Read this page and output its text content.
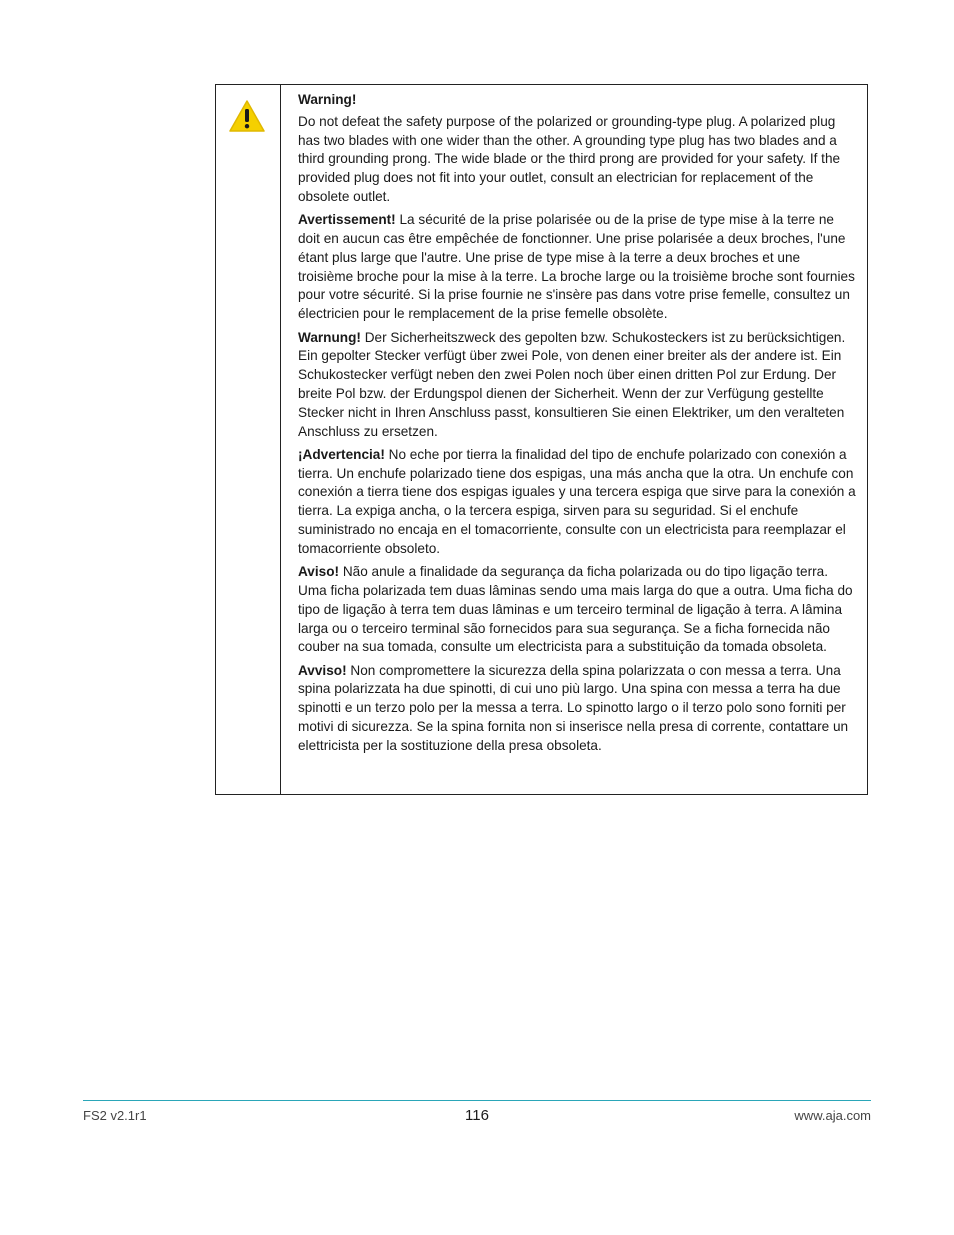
Warning!

Do not defeat the safety purpose of the polarized or grounding-type plug. A polarized plug has two blades with one wider than the other. A grounding type plug has two blades and a third grounding prong. The wide blade or the third prong are provided for your safety. If the provided plug does not fit into your outlet, consult an electrician for replacement of the obsolete outlet.

Avertissement! La sécurité de la prise polarisée ou de la prise de type mise à la terre ne doit en aucun cas être empêchée de fonctionner. Une prise polarisée a deux broches, l'une étant plus large que l'autre. Une prise de type mise à la terre a deux broches et une troisième broche pour la mise à la terre. La broche large ou la troisième broche sont fournies pour votre sécurité. Si la prise fournie ne s'insère pas dans votre prise femelle, consultez un électricien pour le remplacement de la prise femelle obsolète.

Warnung! Der Sicherheitszweck des gepolten bzw. Schukosteckers ist zu berücksichtigen. Ein gepolter Stecker verfügt über zwei Pole, von denen einer breiter als der andere ist. Ein Schukostecker verfügt neben den zwei Polen noch über einen dritten Pol zur Erdung. Der breite Pol bzw. der Erdungspol dienen der Sicherheit. Wenn der zur Verfügung gestellte Stecker nicht in Ihren Anschluss passt, konsultieren Sie einen Elektriker, um den veralteten Anschluss zu ersetzen.

¡Advertencia! No eche por tierra la finalidad del tipo de enchufe polarizado con conexión a tierra. Un enchufe polarizado tiene dos espigas, una más ancha que la otra. Un enchufe con conexión a tierra tiene dos espigas iguales y una tercera espiga que sirve para la conexión a tierra. La expiga ancha, o la tercera espiga, sirven para su seguridad. Si el enchufe suministrado no encaja en el tomacorriente, consulte con un electricista para reemplazar el tomacorriente obsoleto.

Aviso! Não anule a finalidade da segurança da ficha polarizada ou do tipo ligação terra. Uma ficha polarizada tem duas lâminas sendo uma mais larga do que a outra. Uma ficha do tipo de ligação à terra tem duas lâminas e um terceiro terminal de ligação à terra. A lâmina larga ou o terceiro terminal são fornecidos para sua segurança. Se a ficha fornecida não couber na sua tomada, consulte um electricista para a substituição da tomada obsoleta.

Avviso! Non compromettere la sicurezza della spina polarizzata o con messa a terra. Una spina polarizzata ha due spinotti, di cui uno più largo. Una spina con messa a terra ha due spinotti e un terzo polo per la messa a terra. Lo spinotto largo o il terzo polo sono forniti per motivi di sicurezza. Se la spina fornita non si inserisce nella presa di corrente, contattare un elettricista per la sostituzione della presa obsoleta.

FS2 v2.1r1	116	www.aja.com
